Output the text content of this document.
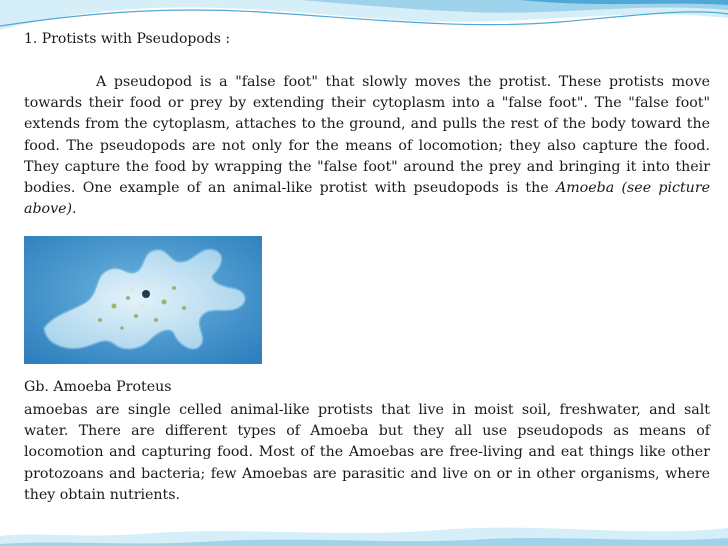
1. Protists with Pseudopods :

A pseudopod is a "false foot" that slowly moves the protist. These protists move towards their food or prey by extending their cytoplasm into a "false foot". The "false foot" extends from the cytoplasm, attaches to the ground, and pulls the rest of the body toward the food. The pseudopods are not only for the means of locomotion; they also capture the food. They capture the food by wrapping the "false foot" around the prey and bringing it into their bodies. One example of an animal-like protist with pseudopods is the Amoeba (see picture above).

Gb. Amoeba Proteus

amoebas are single celled animal-like protists that live in moist soil, freshwater, and salt water. There are different types of Amoeba but they all use pseudopods as means of locomotion and capturing food. Most of the Amoebas are free-living and eat things like other protozoans and bacteria; few Amoebas are parasitic and live on or in other organisms, where they obtain nutrients.
